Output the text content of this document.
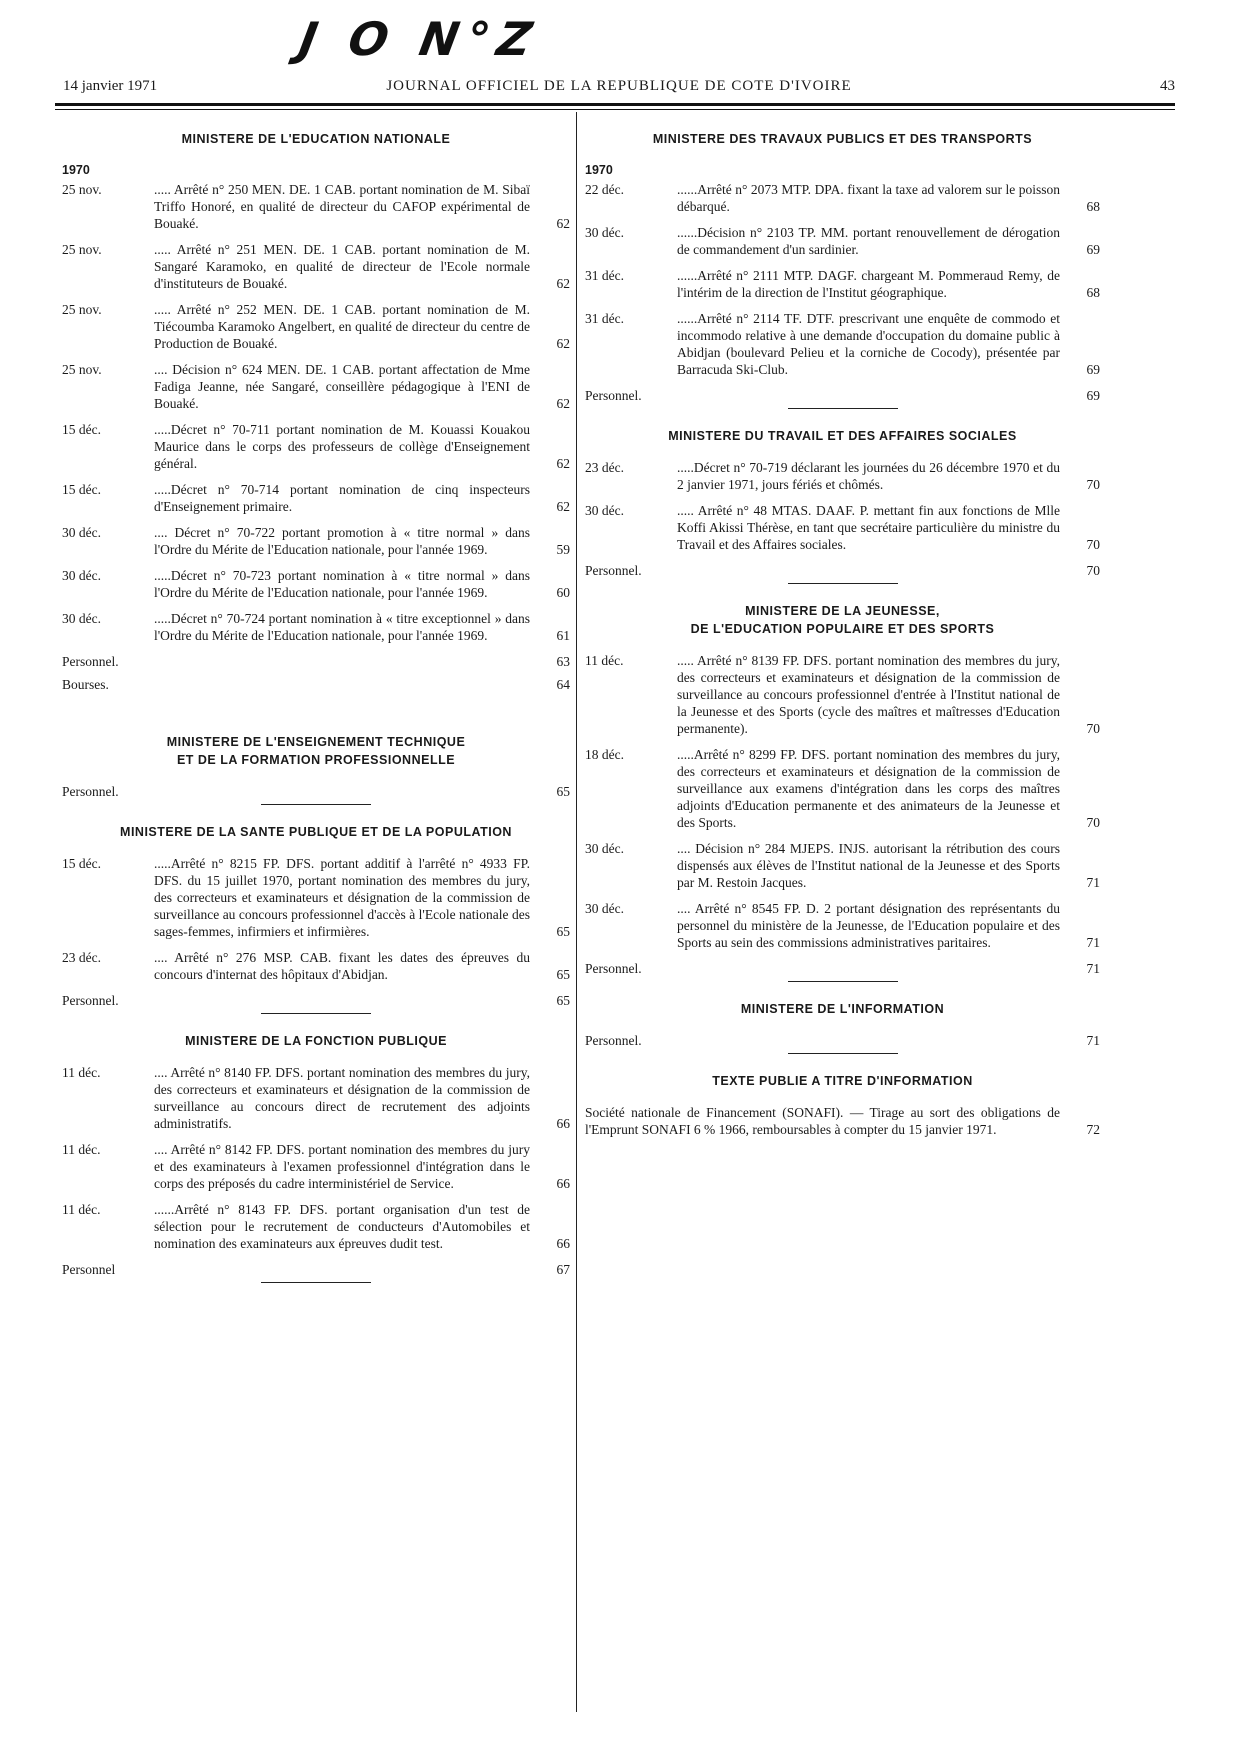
J O N°Z
14 janvier 1971	JOURNAL OFFICIEL DE LA REPUBLIQUE DE COTE D'IVOIRE	43
MINISTERE DE L'EDUCATION NATIONALE
1970
25 nov.	..... Arrêté n° 250 MEN. DE. 1 CAB. portant nomination de M. Sibaï Triffo Honoré, en qualité de directeur du CAFOP expérimental de Bouaké.	62
25 nov.	..... Arrêté n° 251 MEN. DE. 1 CAB. portant nomination de M. Sangaré Karamoko, en qualité de directeur de l'Ecole normale d'instituteurs de Bouaké.	62
25 nov.	..... Arrêté n° 252 MEN. DE. 1 CAB. portant nomination de M. Tiécoumba Karamoko Angelbert, en qualité de directeur du centre de Production de Bouaké.	62
25 nov.	.... Décision n° 624 MEN. DE. 1 CAB. portant affectation de Mme Fadiga Jeanne, née Sangaré, conseillère pédagogique à l'ENI de Bouaké.	62
15 déc.	.....Décret n° 70-711 portant nomination de M. Kouassi Kouakou Maurice dans le corps des professeurs de collège d'Enseignement général.	62
15 déc.	.....Décret n° 70-714 portant nomination de cinq inspecteurs d'Enseignement primaire.	62
30 déc.	.... Décret n° 70-722 portant promotion à « titre normal » dans l'Ordre du Mérite de l'Education nationale, pour l'année 1969.	59
30 déc.	.....Décret n° 70-723 portant nomination à « titre normal » dans l'Ordre du Mérite de l'Education nationale, pour l'année 1969.	60
30 déc.	.....Décret n° 70-724 portant nomination à « titre exceptionnel » dans l'Ordre du Mérite de l'Education nationale, pour l'année 1969.	61
Personnel.	63
Bourses.	64
MINISTERE DE L'ENSEIGNEMENT TECHNIQUE
ET DE LA FORMATION PROFESSIONNELLE
Personnel.	65
MINISTERE DE LA SANTE PUBLIQUE ET DE LA POPULATION
15 déc.	.....Arrêté n° 8215 FP. DFS. portant additif à l'arrêté n° 4933 FP. DFS. du 15 juillet 1970, portant nomination des membres du jury, des correcteurs et examinateurs et désignation de la commission de surveillance au concours professionnel d'accès à l'Ecole nationale des sages-femmes, infirmiers et infirmières.	65
23 déc.	.... Arrêté n° 276 MSP. CAB. fixant les dates des épreuves du concours d'internat des hôpitaux d'Abidjan.	65
Personnel.	65
MINISTERE DE LA FONCTION PUBLIQUE
11 déc.	.... Arrêté n° 8140 FP. DFS. portant nomination des membres du jury, des correcteurs et examinateurs et désignation de la commission de surveillance au concours direct de recrutement des adjoints administratifs.	66
11 déc.	.... Arrêté n° 8142 FP. DFS. portant nomination des membres du jury et des examinateurs à l'examen professionnel d'intégration dans le corps des préposés du cadre interministériel de Service.	66
11 déc.	......Arrêté n° 8143 FP. DFS. portant organisation d'un test de sélection pour le recrutement de conducteurs d'Automobiles et nomination des examinateurs aux épreuves dudit test.	66
Personnel	67
MINISTERE DES TRAVAUX PUBLICS ET DES TRANSPORTS
1970
22 déc.	......Arrêté n° 2073 MTP. DPA. fixant la taxe ad valorem sur le poisson débarqué.	68
30 déc.	......Décision n° 2103 TP. MM. portant renouvellement de dérogation de commandement d'un sardinier.	69
31 déc.	......Arrêté n° 2111 MTP. DAGF. chargeant M. Pommeraud Remy, de l'intérim de la direction de l'Institut géographique.	68
31 déc.	......Arrêté n° 2114 TF. DTF. prescrivant une enquête de commodo et incommodo relative à une demande d'occupation du domaine public à Abidjan (boulevard Pelieu et la corniche de Cocody), présentée par Barracuda Ski-Club.	69
Personnel.	69
MINISTERE DU TRAVAIL ET DES AFFAIRES SOCIALES
23 déc.	.....Décret n° 70-719 déclarant les journées du 26 décembre 1970 et du 2 janvier 1971, jours fériés et chômés.	70
30 déc.	..... Arrêté n° 48 MTAS. DAAF. P. mettant fin aux fonctions de Mlle Koffi Akissi Thérèse, en tant que secrétaire particulière du ministre du Travail et des Affaires sociales.	70
Personnel.	70
MINISTERE DE LA JEUNESSE,
DE L'EDUCATION POPULAIRE ET DES SPORTS
11 déc.	..... Arrêté n° 8139 FP. DFS. portant nomination des membres du jury, des correcteurs et examinateurs et désignation de la commission de surveillance au concours professionnel d'entrée à l'Institut national de la Jeunesse et des Sports (cycle des maîtres et maîtresses d'Education permanente).	70
18 déc.	.....Arrêté n° 8299 FP. DFS. portant nomination des membres du jury, des correcteurs et examinateurs et désignation de la commission de surveillance aux examens d'intégration dans les corps des maîtres adjoints d'Education permanente et des animateurs de la Jeunesse et des Sports.	70
30 déc.	.... Décision n° 284 MJEPS. INJS. autorisant la rétribution des cours dispensés aux élèves de l'Institut national de la Jeunesse et des Sports par M. Restoin Jacques.	71
30 déc.	.... Arrêté n° 8545 FP. D. 2 portant désignation des représentants du personnel du ministère de la Jeunesse, de l'Education populaire et des Sports au sein des commissions administratives paritaires.	71
Personnel.	71
MINISTERE DE L'INFORMATION
Personnel.	71
TEXTE PUBLIE A TITRE D'INFORMATION
Société nationale de Financement (SONAFI). — Tirage au sort des obligations de l'Emprunt SONAFI 6 % 1966, remboursables à compter du 15 janvier 1971.	72
